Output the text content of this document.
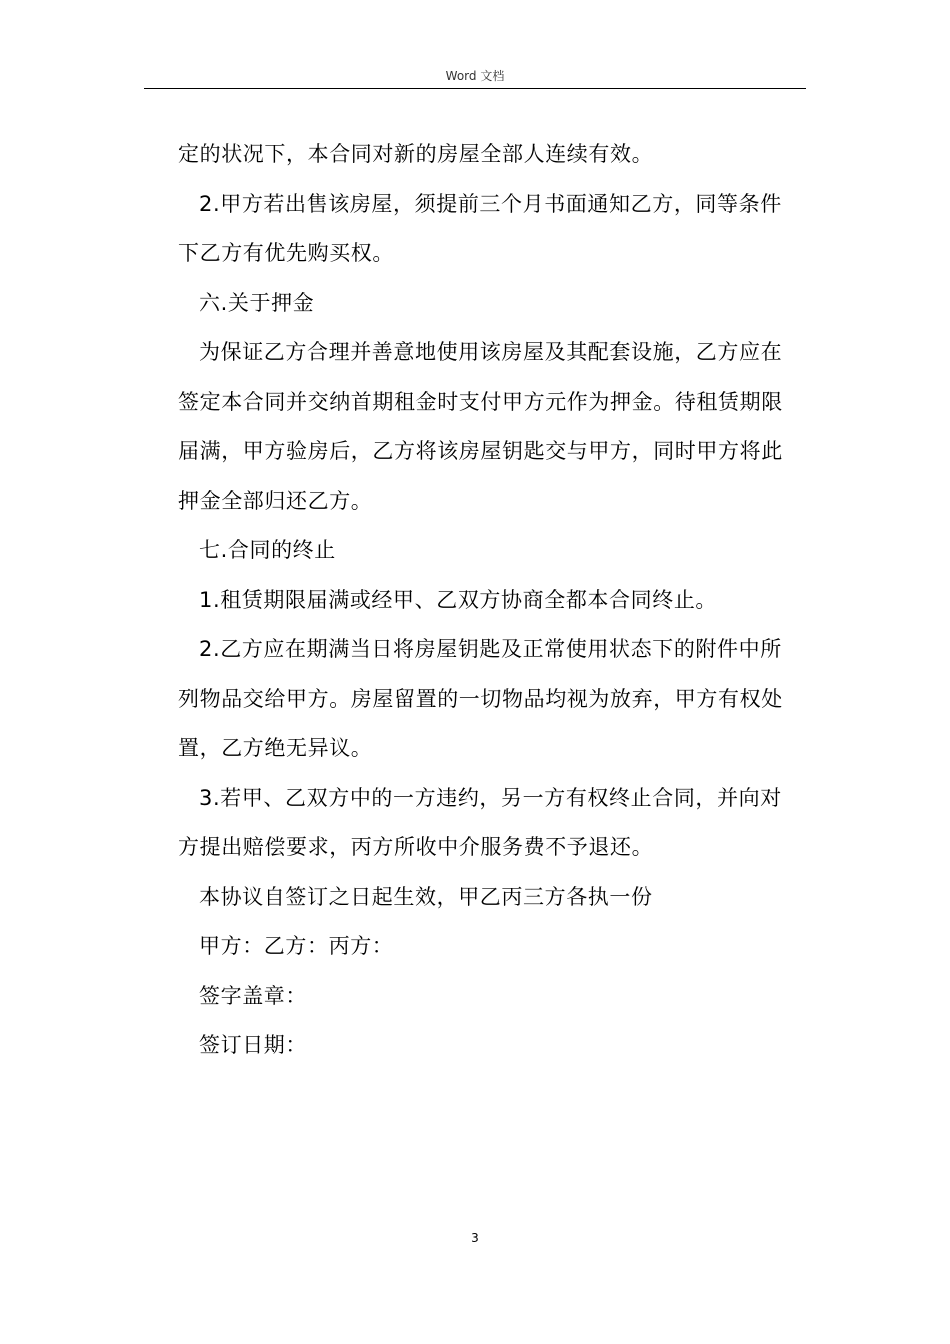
Word 文档

定的状况下，本合同对新的房屋全部人连续有效。

2.甲方若出售该房屋，须提前三个月书面通知乙方，同等条件

下乙方有优先购买权。

六.关于押金

为保证乙方合理并善意地使用该房屋及其配套设施，乙方应在

签定本合同并交纳首期租金时支付甲方元作为押金。待租赁期限

届满，甲方验房后，乙方将该房屋钥匙交与甲方，同时甲方将此

押金全部归还乙方。

七.合同的终止

1.租赁期限届满或经甲、乙双方协商全都本合同终止。

2.乙方应在期满当日将房屋钥匙及正常使用状态下的附件中所

列物品交给甲方。房屋留置的一切物品均视为放弃，甲方有权处

置，乙方绝无异议。

3.若甲、乙双方中的一方违约，另一方有权终止合同，并向对

方提出赔偿要求，丙方所收中介服务费不予退还。

本协议自签订之日起生效，甲乙丙三方各执一份

甲方：乙方：丙方：

签字盖章：

签订日期：

3
